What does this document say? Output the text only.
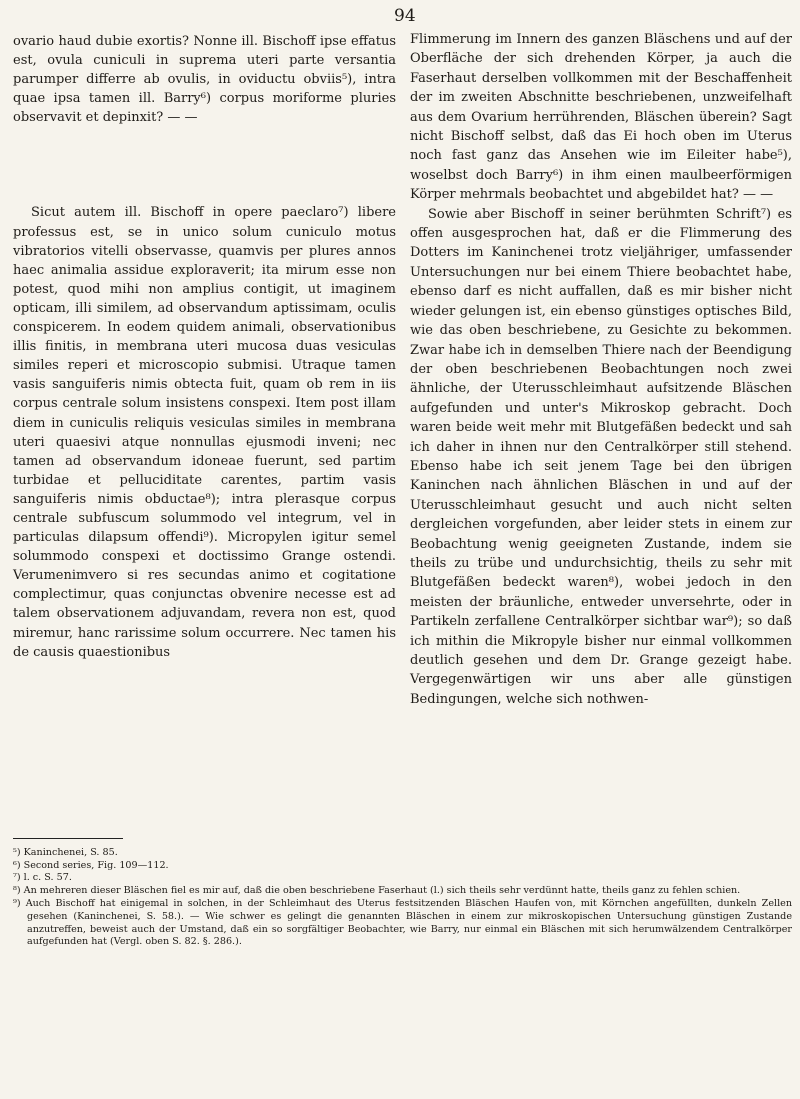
94

ovario haud dubie exortis? Nonne ill. Bischoff ipse effatus est, ovula cuniculi in suprema uteri parte versantia parumper differre ab ovulis, in oviductu obviis⁵), intra quae ipsa tamen ill. Barry⁶) corpus moriforme pluries observavit et depinxit? — —

Sicut autem ill. Bischoff in opere paeclaro⁷) libere professus est, se in unico solum cuniculo motus vibratorios vitelli observasse, quamvis per plures annos haec animalia assidue exploraverit; ita mirum esse non potest, quod mihi non amplius contigit, ut imaginem opticam, illi similem, ad observandum aptissimam, oculis conspicerem. In eodem quidem animali, observationibus illis finitis, in membrana uteri mucosa duas vesiculas similes reperi et microscopio submisi. Utraque tamen vasis sanguiferis nimis obtecta fuit, quam ob rem in iis corpus centrale solum insistens conspexi. Item post illam diem in cuniculis reliquis vesiculas similes in membrana uteri quaesivi atque nonnullas ejusmodi inveni; nec tamen ad observandum idoneae fuerunt, sed partim turbidae et pelluciditate carentes, partim vasis sanguiferis nimis obductae⁸); intra plerasque corpus centrale subfuscum solummodo vel integrum, vel in particulas dilapsum offendi⁹). Micropylen igitur semel solummodo conspexi et doctissimo Grange ostendi. Verumenimvero si res secundas animo et cogitatione complectimur, quas conjunctas obvenire necesse est ad talem observationem adjuvandam, revera non est, quod miremur, hanc rarissime solum occurrere. Nec tamen his de causis quaestionibus

Flimmerung im Innern des ganzen Bläschens und auf der Oberfläche der sich drehenden Körper, ja auch die Faserhaut derselben vollkommen mit der Beschaffenheit der im zweiten Abschnitte beschriebenen, unzweifelhaft aus dem Ovarium herrührenden, Bläschen überein? Sagt nicht Bischoff selbst, daß das Ei hoch oben im Uterus noch fast ganz das Ansehen wie im Eileiter habe⁵), woselbst doch Barry⁶) in ihm einen maulbeerförmigen Körper mehrmals beobachtet und abgebildet hat? — —

Sowie aber Bischoff in seiner berühmten Schrift⁷) es offen ausgesprochen hat, daß er die Flimmerung des Dotters im Kaninchenei trotz vieljähriger, umfassender Untersuchungen nur bei einem Thiere beobachtet habe, ebenso darf es nicht auffallen, daß es mir bisher nicht wieder gelungen ist, ein ebenso günstiges optisches Bild, wie das oben beschriebene, zu Gesichte zu bekommen. Zwar habe ich in demselben Thiere nach der Beendigung der oben beschriebenen Beobachtungen noch zwei ähnliche, der Uterusschleimhaut aufsitzende Bläschen aufgefunden und unter's Mikroskop gebracht. Doch waren beide weit mehr mit Blutgefäßen bedeckt und sah ich daher in ihnen nur den Centralkörper still stehend. Ebenso habe ich seit jenem Tage bei den übrigen Kaninchen nach ähnlichen Bläschen in und auf der Uterusschleimhaut gesucht und auch nicht selten dergleichen vorgefunden, aber leider stets in einem zur Beobachtung wenig geeigneten Zustande, indem sie theils zu trübe und undurchsichtig, theils zu sehr mit Blutgefäßen bedeckt waren⁸), wobei jedoch in den meisten der bräunliche, entweder unversehrte, oder in Partikeln zerfallene Centralkörper sichtbar war⁹); so daß ich mithin die Mikropyle bisher nur einmal vollkommen deutlich gesehen und dem Dr. Grange gezeigt habe. Vergegenwärtigen wir uns aber alle günstigen Bedingungen, welche sich nothwen-

⁵) Kaninchenei, S. 85.

⁶) Second series, Fig. 109—112.

⁷) l. c. S. 57.

⁸) An mehreren dieser Bläschen fiel es mir auf, daß die oben beschriebene Faserhaut (l.) sich theils sehr verdünnt hatte, theils ganz zu fehlen schien.

⁹) Auch Bischoff hat einigemal in solchen, in der Schleimhaut des Uterus festsitzenden Bläschen Haufen von, mit Körnchen angefüllten, dunkeln Zellen gesehen (Kaninchenei, S. 58.). — Wie schwer es gelingt die genannten Bläschen in einem zur mikroskopischen Untersuchung günstigen Zustande anzutreffen, beweist auch der Umstand, daß ein so sorgfältiger Beobachter, wie Barry, nur einmal ein Bläschen mit sich herumwälzendem Centralkörper aufgefunden hat (Vergl. oben S. 82. §. 286.).
